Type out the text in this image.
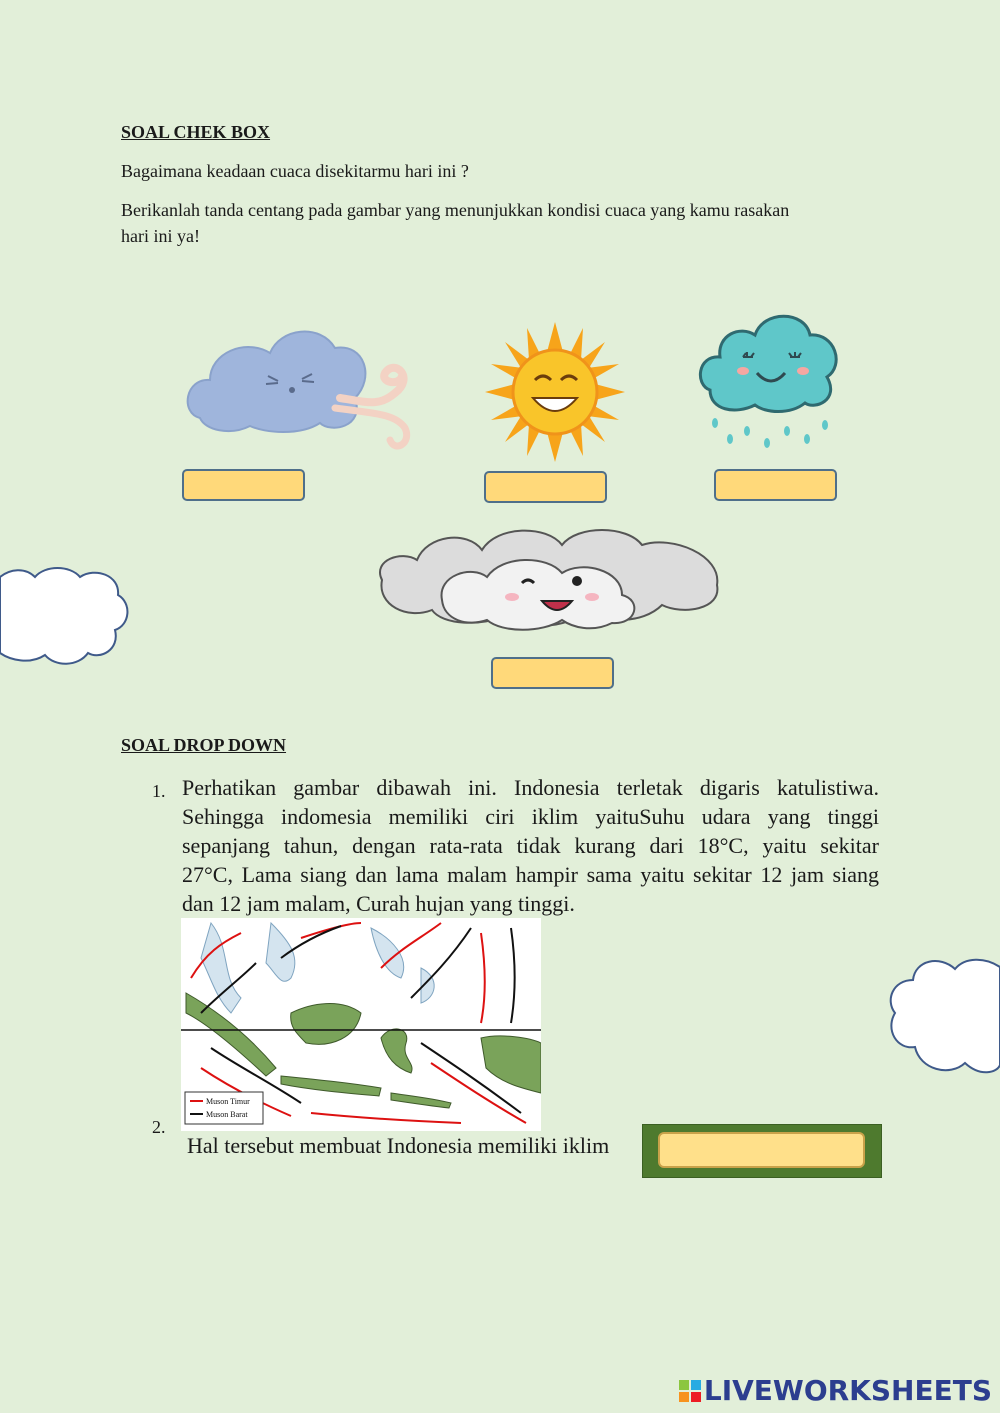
SOAL CHEK BOX
Bagaimana keadaan cuaca disekitarmu hari ini ?
Berikanlah tanda centang pada gambar yang menunjukkan kondisi cuaca yang kamu rasakan
hari ini ya!
SOAL DROP DOWN
1. Perhatikan gambar dibawah ini. Indonesia terletak digaris katulistiwa.
Sehingga indomesia memiliki ciri iklim yaituSuhu udara yang tinggi
sepanjang tahun, dengan rata-rata tidak kurang dari 18°C, yaitu sekitar
27°C, Lama siang dan lama malam hampir sama yaitu sekitar 12 jam siang
dan 12 jam malam, Curah hujan yang tinggi.
Muson Timur
Muson Barat
2.
Hal tersebut membuat Indonesia memiliki iklim
LIVEWORKSHEETS
